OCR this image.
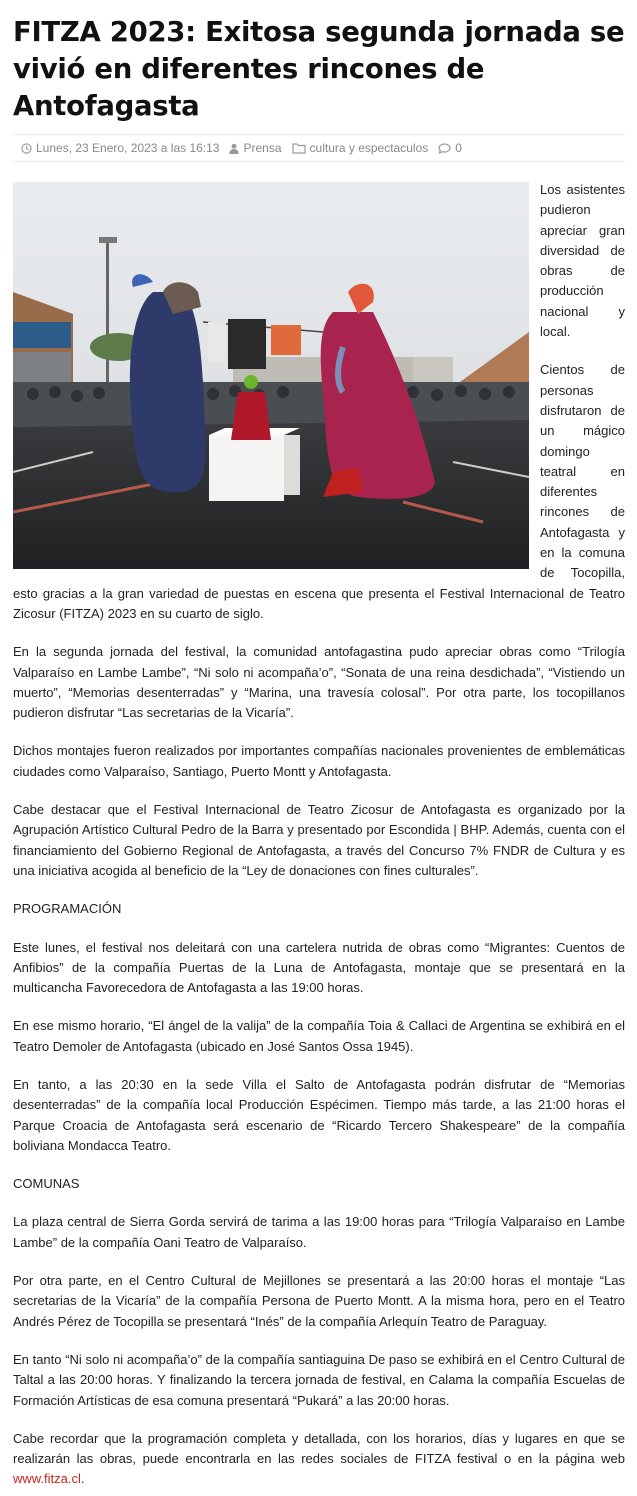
FITZA 2023: Exitosa segunda jornada se vivió en diferentes rincones de Antofagasta
Lunes, 23 Enero, 2023 a las 16:13 Prensa cultura y espectaculos 0

Los asistentes pudieron apreciar gran diversidad de obras de producción nacional y local.

Cientos de personas disfrutaron de un mágico domingo teatral en diferentes rincones de Antofagasta y en la comuna de Tocopilla, esto gracias a la gran variedad de puestas en escena que presenta el Festival Internacional de Teatro Zicosur (FITZA) 2023 en su cuarto de siglo.

En la segunda jornada del festival, la comunidad antofagastina pudo apreciar obras como “Trilogía Valparaíso en Lambe Lambe”, “Ni solo ni acompaña’o”, “Sonata de una reina desdichada”, “Vistiendo un muerto”, “Memorias desenterradas” y “Marina, una travesía colosal”. Por otra parte, los tocopillanos pudieron disfrutar “Las secretarias de la Vicaría”.

Dichos montajes fueron realizados por importantes compañías nacionales provenientes de emblemáticas ciudades como Valparaíso, Santiago, Puerto Montt y Antofagasta.

Cabe destacar que el Festival Internacional de Teatro Zicosur de Antofagasta es organizado por la Agrupación Artístico Cultural Pedro de la Barra y presentado por Escondida | BHP. Además, cuenta con el financiamiento del Gobierno Regional de Antofagasta, a través del Concurso 7% FNDR de Cultura y es una iniciativa acogida al beneficio de la “Ley de donaciones con fines culturales”.

PROGRAMACIÓN

Este lunes, el festival nos deleitará con una cartelera nutrida de obras como “Migrantes: Cuentos de Anfibios” de la compañía Puertas de la Luna de Antofagasta, montaje que se presentará en la multicancha Favorecedora de Antofagasta a las 19:00 horas.

En ese mismo horario, “El ángel de la valija” de la compañía Toia & Callaci de Argentina se exhibirá en el Teatro Demoler de Antofagasta (ubicado en José Santos Ossa 1945).

En tanto, a las 20:30 en la sede Villa el Salto de Antofagasta podrán disfrutar de “Memorias desenterradas” de la compañía local Producción Espécimen. Tiempo más tarde, a las 21:00 horas el Parque Croacia de Antofagasta será escenario de “Ricardo Tercero Shakespeare” de la compañía boliviana Mondacca Teatro.

COMUNAS

La plaza central de Sierra Gorda servirá de tarima a las 19:00 horas para “Trilogía Valparaíso en Lambe Lambe” de la compañía Oani Teatro de Valparaíso.

Por otra parte, en el Centro Cultural de Mejillones se presentará a las 20:00 horas el montaje “Las secretarias de la Vicaría” de la compañía Persona de Puerto Montt. A la misma hora, pero en el Teatro Andrés Pérez de Tocopilla se presentará “Inés” de la compañía Arlequín Teatro de Paraguay.

En tanto “Ni solo ni acompaña’o” de la compañía santiaguina De paso se exhibirá en el Centro Cultural de Taltal a las 20:00 horas. Y finalizando la tercera jornada de festival, en Calama la compañía Escuelas de Formación Artísticas de esa comuna presentará “Pukará” a las 20:00 horas.

Cabe recordar que la programación completa y detallada, con los horarios, días y lugares en que se realizarán las obras, puede encontrarla en las redes sociales de FITZA festival o en la página web www.fitza.cl.
